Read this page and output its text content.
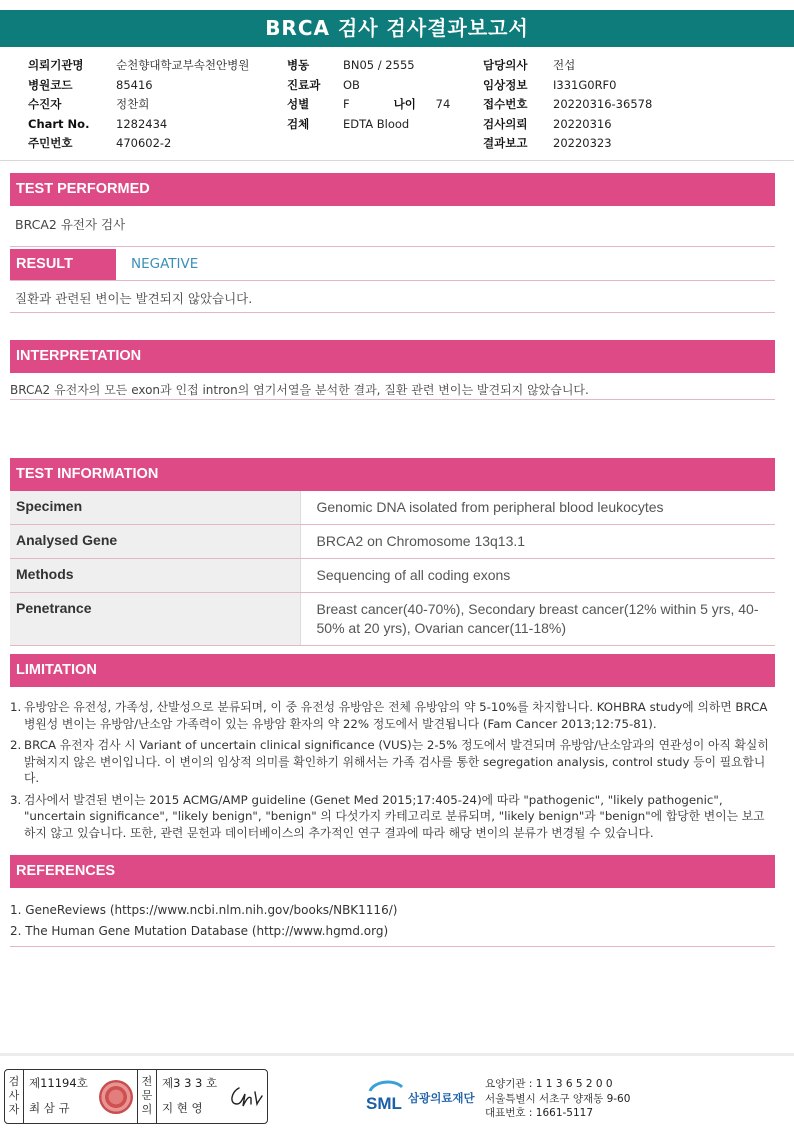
BRCA 검사 검사결과보고서
의뢰기관명	순천향대학교부속천안병원
병원코드	85416
수진자	정찬희
Chart No.	1282434
주민번호	470602-2
병동	BN05 / 2555
진료과	OB
성별	F	나이	74
검체	EDTA Blood
담당의사	전섭
임상정보	I331G0RF0
접수번호	20220316-36578
검사의뢰	20220316
결과보고	20220323
TEST PERFORMED
BRCA2 유전자 검사
RESULT	NEGATIVE
질환과 관련된 변이는 발견되지 않았습니다.
INTERPRETATION
BRCA2 유전자의 모든 exon과 인접 intron의 염기서열을 분석한 결과, 질환 관련 변이는 발견되지 않았습니다.
TEST INFORMATION
Specimen	Genomic DNA isolated from peripheral blood leukocytes
Analysed Gene	BRCA2 on Chromosome 13q13.1
Methods	Sequencing of all coding exons
Penetrance	Breast cancer(40-70%), Secondary breast cancer(12% within 5 yrs, 40-50% at 20 yrs), Ovarian cancer(11-18%)
LIMITATION
1. 유방암은 유전성, 가족성, 산발성으로 분류되며, 이 중 유전성 유방암은 전체 유방암의 약 5-10%를 차지합니다. KOHBRA study에 의하면 BRCA 병원성 변이는 유방암/난소암 가족력이 있는 유방암 환자의 약 22% 정도에서 발견됩니다 (Fam Cancer 2013;12:75-81).
2. BRCA 유전자 검사 시 Variant of uncertain clinical significance (VUS)는 2-5% 정도에서 발견되며 유방암/난소암과의 연관성이 아직 확실히 밝혀지지 않은 변이입니다. 이 변이의 임상적 의미를 확인하기 위해서는 가족 검사를 통한 segregation analysis, control study 등이 필요합니다.
3. 검사에서 발견된 변이는 2015 ACMG/AMP guideline (Genet Med 2015;17:405-24)에 따라 "pathogenic", "likely pathogenic", "uncertain significance", "likely benign", "benign" 의 다섯가지 카테고리로 분류되며, "likely benign"과 "benign"에 합당한 변이는 보고하지 않고 있습니다. 또한, 관련 문헌과 데이터베이스의 추가적인 연구 결과에 따라 해당 변이의 분류가 변경될 수 있습니다.
REFERENCES
1. GeneReviews (https://www.ncbi.nlm.nih.gov/books/NBK1116/)
2. The Human Gene Mutation Database (http://www.hgmd.org)
검사자
제11194호
최 삼 규
전문의
제3 3 3 호
지 현 영	SML 삼광의료재단
요양기관 : 1 1 3 6 5 2 0 0
서울특별시 서초구 양재동 9-60
대표번호 : 1661-5117
